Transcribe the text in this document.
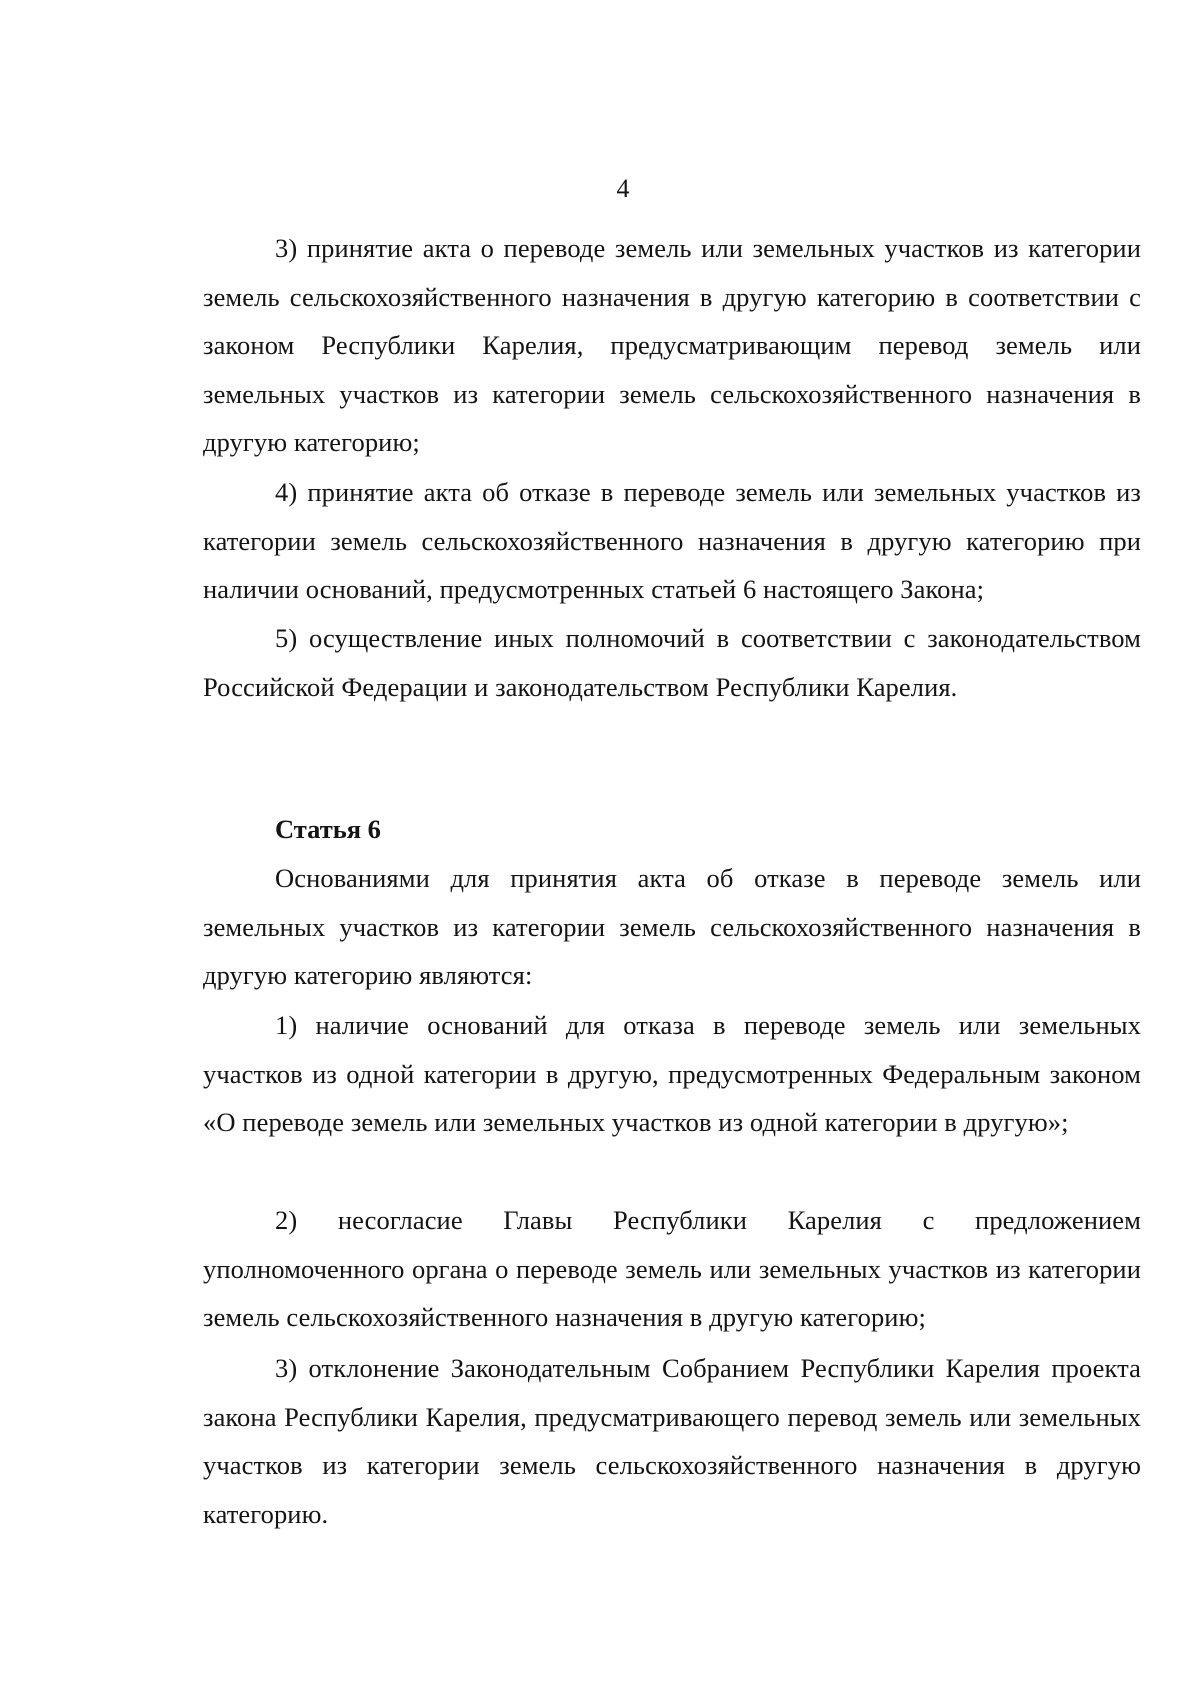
4

3) принятие акта о переводе земель или земельных участков из категории земель сельскохозяйственного назначения в другую категорию в соответствии с законом Республики Карелия, предусматривающим перевод земель или земельных участков из категории земель сельскохозяйственного назначения в другую категорию;

4) принятие акта об отказе в переводе земель или земельных участков из категории земель сельскохозяйственного назначения в другую категорию при наличии оснований, предусмотренных статьей 6 настоящего Закона;

5) осуществление иных полномочий в соответствии с законодательством Российской Федерации и законодательством Республики Карелия.

Статья 6

Основаниями для принятия акта об отказе в переводе земель или земельных участков из категории земель сельскохозяйственного назначения в другую категорию являются:

1) наличие оснований для отказа в переводе земель или земельных участков из одной категории в другую, предусмотренных Федеральным законом «О переводе земель или земельных участков из одной категории в другую»;

2) несогласие Главы Республики Карелия с предложением уполномоченного органа о переводе земель или земельных участков из категории земель сельскохозяйственного назначения в другую категорию;

3) отклонение Законодательным Собранием Республики Карелия проекта закона Республики Карелия, предусматривающего перевод земель или земельных участков из категории земель сельскохозяйственного назначения в другую категорию.
